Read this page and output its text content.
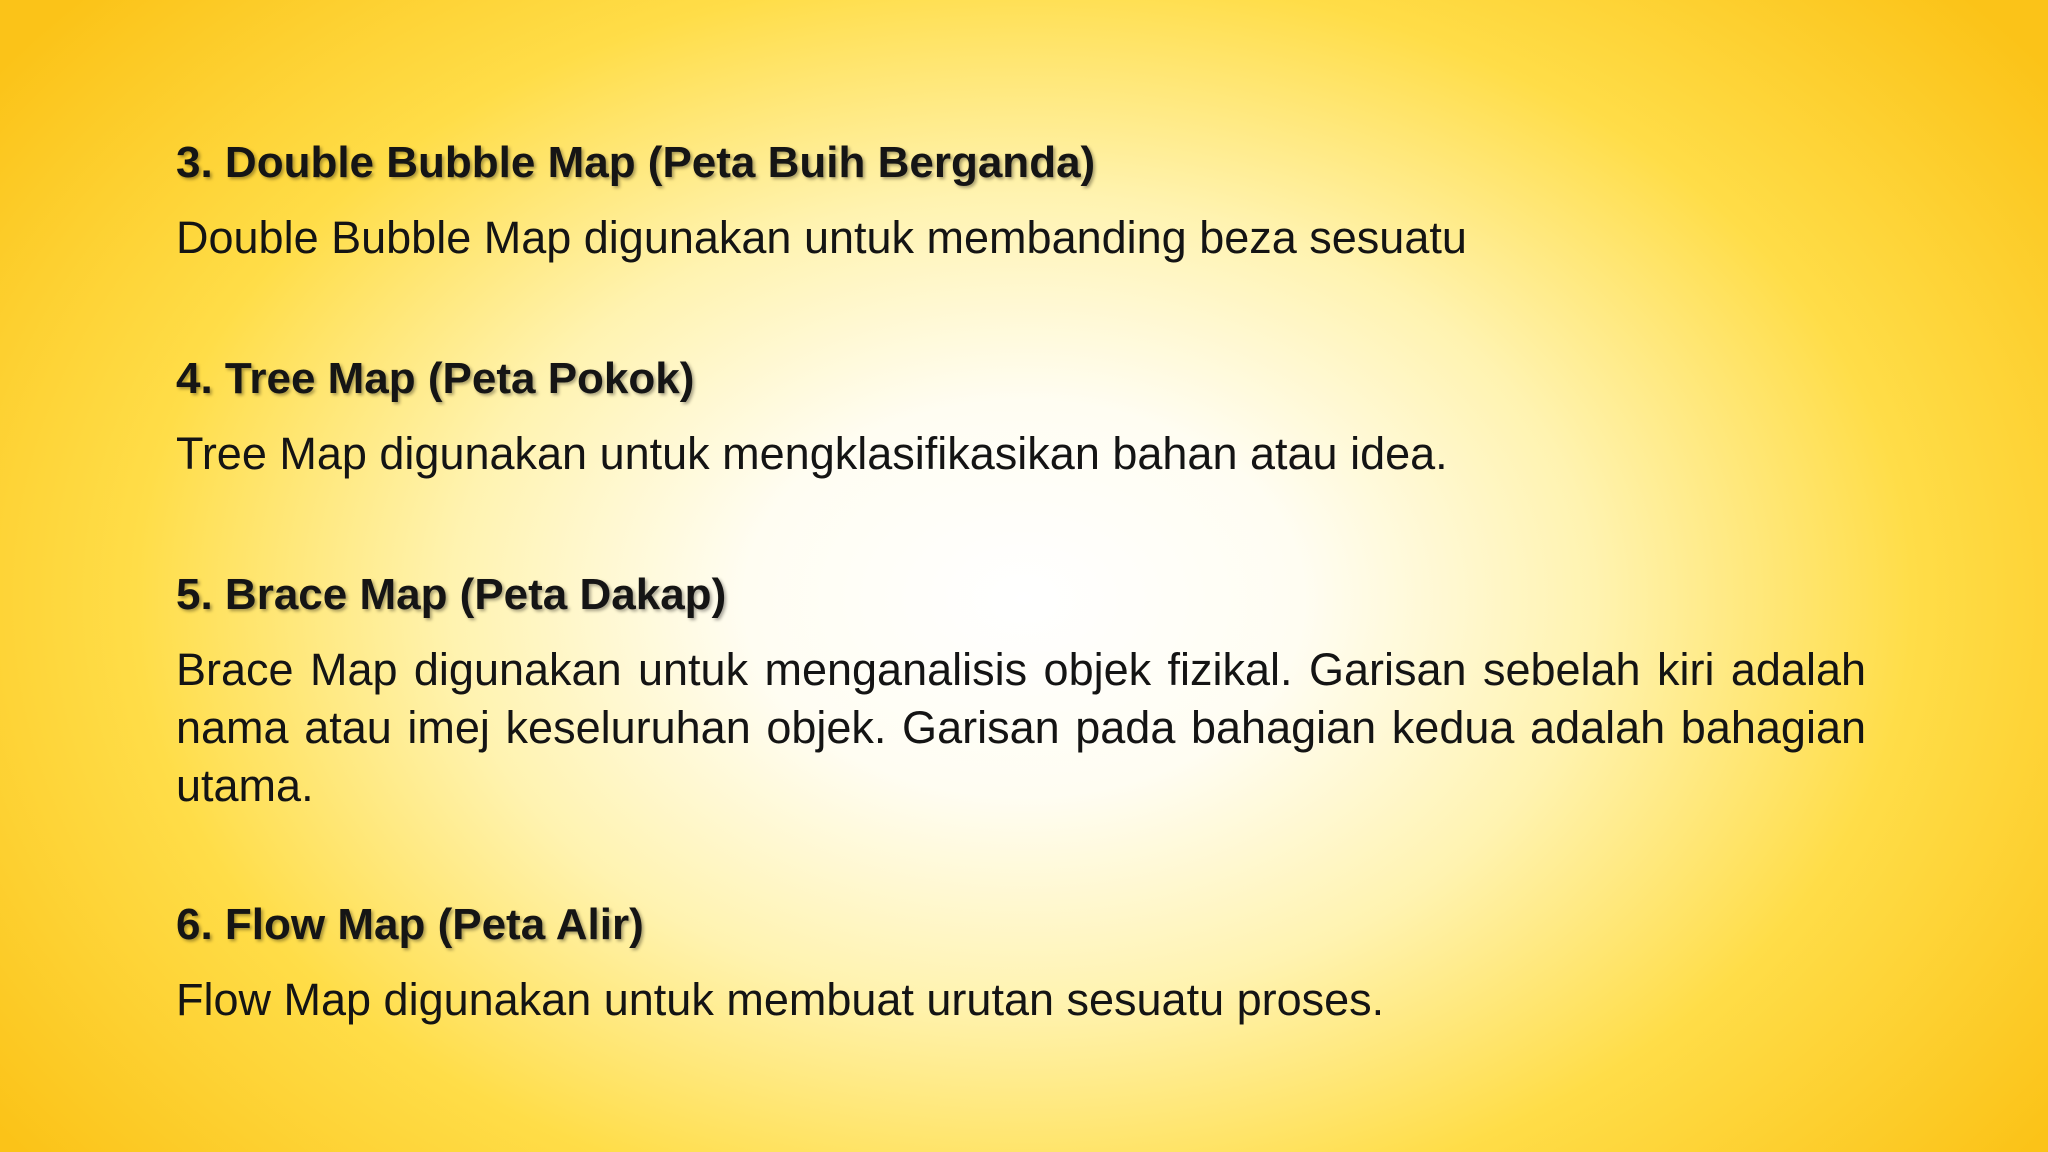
3. Double Bubble Map (Peta Buih Berganda)
Double Bubble Map digunakan untuk membanding beza sesuatu
4. Tree Map (Peta Pokok)
Tree Map digunakan untuk mengklasifikasikan bahan atau idea.
5. Brace Map (Peta Dakap)
Brace Map digunakan untuk menganalisis objek fizikal. Garisan sebelah kiri adalah nama atau imej keseluruhan objek. Garisan pada bahagian kedua adalah bahagian utama.
6. Flow Map (Peta Alir)
Flow Map digunakan untuk membuat urutan sesuatu proses.
